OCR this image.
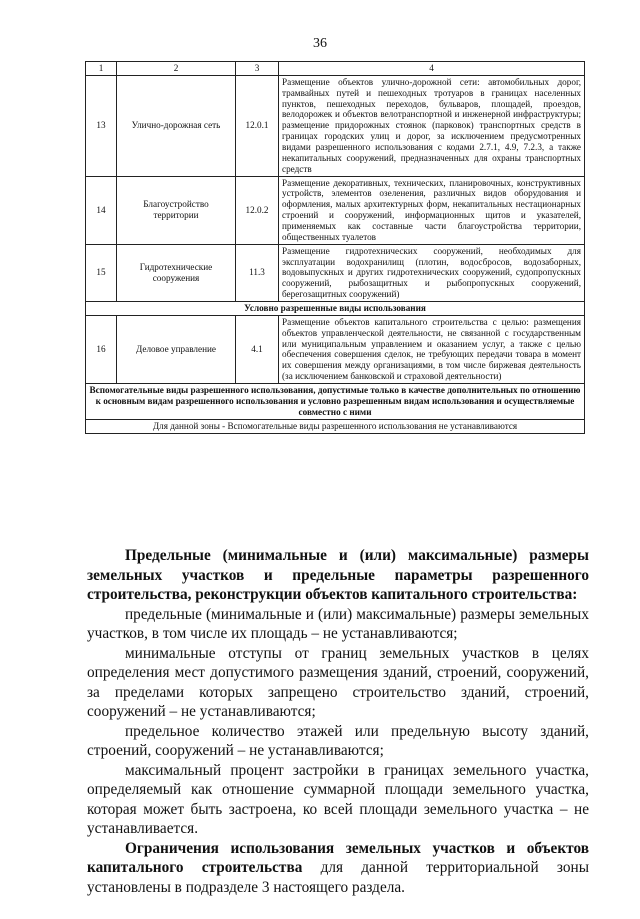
36
1	2	3	4
13	Улично-дорожная сеть	12.0.1	Размещение объектов улично-дорожной сети: автомобильных дорог, трамвайных путей и пешеходных тротуаров в границах населенных пунктов, пешеходных переходов, бульваров, площадей, проездов, велодорожек и объектов велотранспортной и инженерной инфраструктуры; размещение придорожных стоянок (парковок) транспортных средств в границах городских улиц и дорог, за исключением предусмотренных видами разрешенного использования с кодами 2.7.1, 4.9, 7.2.3, а также некапитальных сооружений, предназначенных для охраны транспортных средств
14	Благоустройство территории	12.0.2	Размещение декоративных, технических, планировочных, конструктивных устройств, элементов озеленения, различных видов оборудования и оформления, малых архитектурных форм, некапитальных нестационарных строений и сооружений, информационных щитов и указателей, применяемых как составные части благоустройства территории, общественных туалетов
15	Гидротехнические сооружения	11.3	Размещение гидротехнических сооружений, необходимых для эксплуатации водохранилищ (плотин, водосбросов, водозаборных, водовыпускных и других гидротехнических сооружений, судопропускных сооружений, рыбозащитных и рыбопропускных сооружений, берегозащитных сооружений)
Условно разрешенные виды использования			
16	Деловое управление	4.1	Размещение объектов капитального строительства с целью: размещения объектов управленческой деятельности, не связанной с государственным или муниципальным управлением и оказанием услуг, а также с целью обеспечения совершения сделок, не требующих передачи товара в момент их совершения между организациями, в том числе биржевая деятельность (за исключением банковской и страховой деятельности)
Вспомогательные виды разрешенного использования, допустимые только в качестве дополнительных по отношению к основным видам разрешенного использования и условно разрешенным видам использования и осуществляемые совместно с ними			
Для данной зоны - Вспомогательные виды разрешенного использования не устанавливаются			

Предельные (минимальные и (или) максимальные) размеры земельных участков и предельные параметры разрешенного строительства, реконструкции объектов капитального строительства:

предельные (минимальные и (или) максимальные) размеры земельных участков, в том числе их площадь – не устанавливаются;

минимальные отступы от границ земельных участков в целях определения мест допустимого размещения зданий, строений, сооружений, за пределами которых запрещено строительство зданий, строений, сооружений – не устанавливаются;

предельное количество этажей или предельную высоту зданий, строений, сооружений – не устанавливаются;

максимальный процент застройки в границах земельного участка, определяемый как отношение суммарной площади земельного участка, которая может быть застроена, ко всей площади земельного участка – не устанавливается.

Ограничения использования земельных участков и объектов капитального строительства для данной территориальной зоны установлены в подразделе 3 настоящего раздела.
